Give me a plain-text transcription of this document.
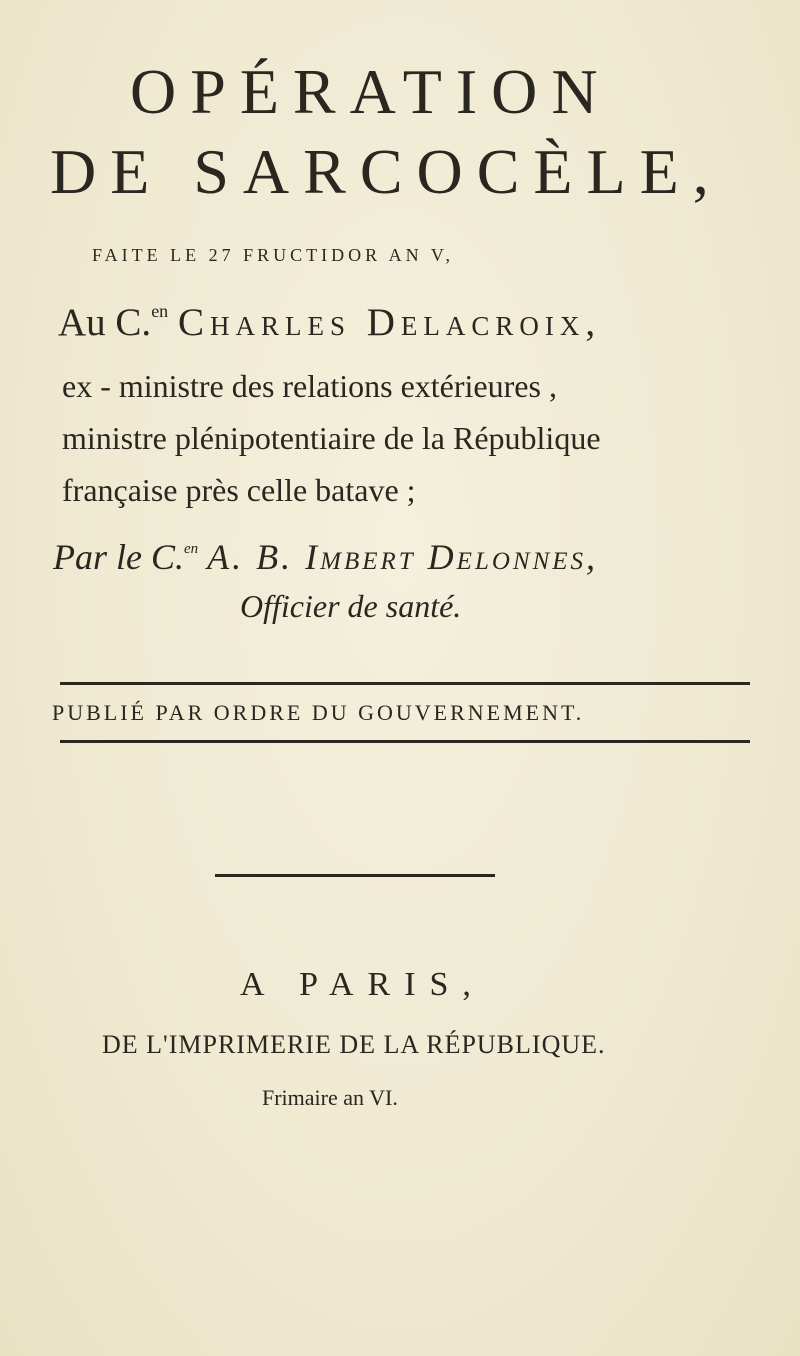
OPÉRATION
DE SARCOCÈLE,
FAITE LE 27 FRUCTIDOR AN V,
Au C.$^{en}$ Charles Delacroix,
ex - ministre des relations extérieures ,
ministre plénipotentiaire de la République
française près celle batave ;
Par le C.$^{en}$ A. B. Imbert Delonnes,
Officier de santé.
PUBLIÉ PAR ORDRE DU GOUVERNEMENT.
A PARIS,
DE L'IMPRIMERIE DE LA RÉPUBLIQUE.
Frimaire an VI.
